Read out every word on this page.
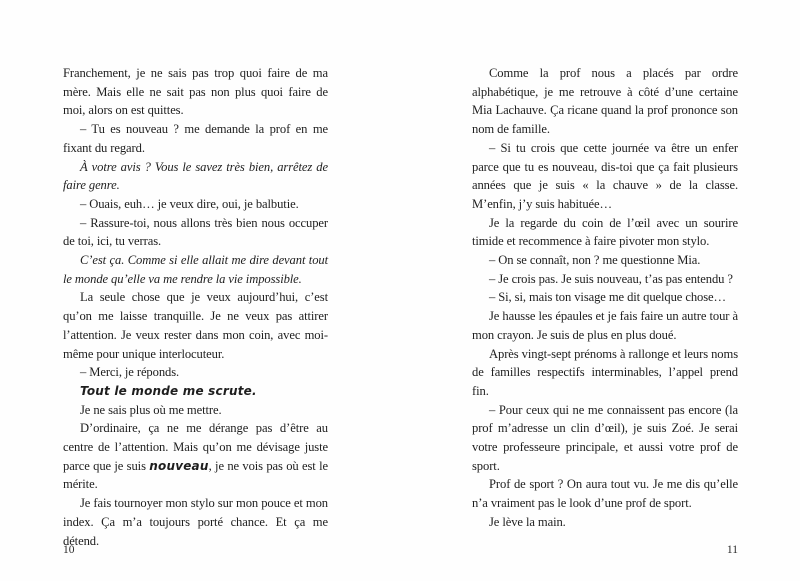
Franchement, je ne sais pas trop quoi faire de ma mère. Mais elle ne sait pas non plus quoi faire de moi, alors on est quittes.

– Tu es nouveau ? me demande la prof en me fixant du regard.

À votre avis ? Vous le savez très bien, arrêtez de faire genre.

– Ouais, euh… je veux dire, oui, je balbutie.

– Rassure-toi, nous allons très bien nous occuper de toi, ici, tu verras.

C’est ça. Comme si elle allait me dire devant tout le monde qu’elle va me rendre la vie impossible.

La seule chose que je veux aujourd’hui, c’est qu’on me laisse tranquille. Je ne veux pas attirer l’attention. Je veux rester dans mon coin, avec moi-même pour unique interlocuteur.

– Merci, je réponds.

Tout le monde me scrute.

Je ne sais plus où me mettre.

D’ordinaire, ça ne me dérange pas d’être au centre de l’attention. Mais qu’on me dévisage juste parce que je suis nouveau, je ne vois pas où est le mérite.

Je fais tournoyer mon stylo sur mon pouce et mon index. Ça m’a toujours porté chance. Et ça me détend.

Comme la prof nous a placés par ordre alphabétique, je me retrouve à côté d’une certaine Mia Lachauve. Ça ricane quand la prof prononce son nom de famille.

– Si tu crois que cette journée va être un enfer parce que tu es nouveau, dis-toi que ça fait plusieurs années que je suis « la chauve » de la classe. M’enfin, j’y suis habituée…

Je la regarde du coin de l’œil avec un sourire timide et recommence à faire pivoter mon stylo.

– On se connaît, non ? me questionne Mia.

– Je crois pas. Je suis nouveau, t’as pas entendu ?

– Si, si, mais ton visage me dit quelque chose…

Je hausse les épaules et je fais faire un autre tour à mon crayon. Je suis de plus en plus doué.

Après vingt-sept prénoms à rallonge et leurs noms de familles respectifs interminables, l’appel prend fin.

– Pour ceux qui ne me connaissent pas encore (la prof m’adresse un clin d’œil), je suis Zoé. Je serai votre professeure principale, et aussi votre prof de sport.

Prof de sport ? On aura tout vu. Je me dis qu’elle n’a vraiment pas le look d’une prof de sport.

Je lève la main.

10	11
